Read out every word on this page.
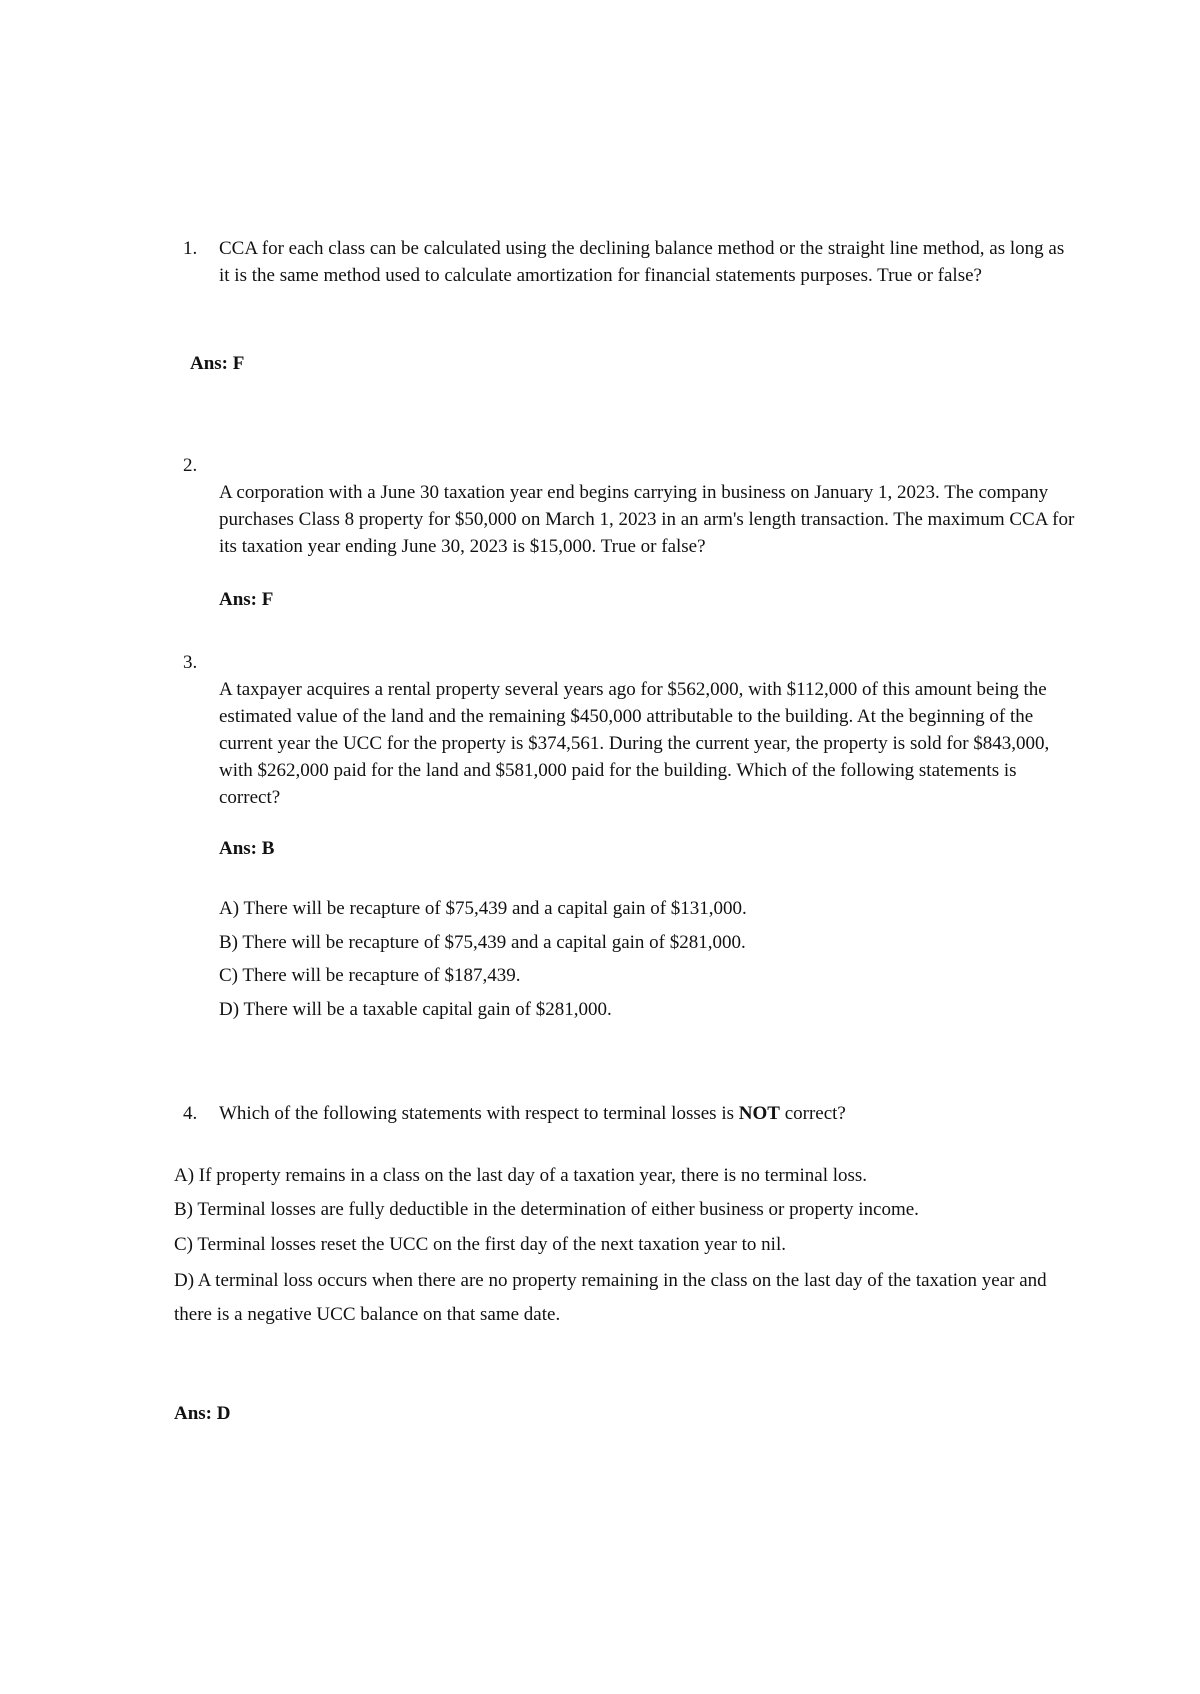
1. CCA for each class can be calculated using the declining balance method or the straight line method, as long as it is the same method used to calculate amortization for financial statements purposes. True or false?
Ans: F
2.
A corporation with a June 30 taxation year end begins carrying in business on January 1, 2023. The company purchases Class 8 property for $50,000 on March 1, 2023 in an arm's length transaction. The maximum CCA for its taxation year ending June 30, 2023 is $15,000. True or false?
Ans: F
3.
A taxpayer acquires a rental property several years ago for $562,000, with $112,000 of this amount being the estimated value of the land and the remaining $450,000 attributable to the building. At the beginning of the current year the UCC for the property is $374,561. During the current year, the property is sold for $843,000, with $262,000 paid for the land and $581,000 paid for the building. Which of the following statements is correct?
Ans: B
A) There will be recapture of $75,439 and a capital gain of $131,000.
B) There will be recapture of $75,439 and a capital gain of $281,000.
C) There will be recapture of $187,439.
D) There will be a taxable capital gain of $281,000.
4. Which of the following statements with respect to terminal losses is NOT correct?
A) If property remains in a class on the last day of a taxation year, there is no terminal loss.
B) Terminal losses are fully deductible in the determination of either business or property income.
C) Terminal losses reset the UCC on the first day of the next taxation year to nil.
D) A terminal loss occurs when there are no property remaining in the class on the last day of the taxation year and there is a negative UCC balance on that same date.
Ans: D
